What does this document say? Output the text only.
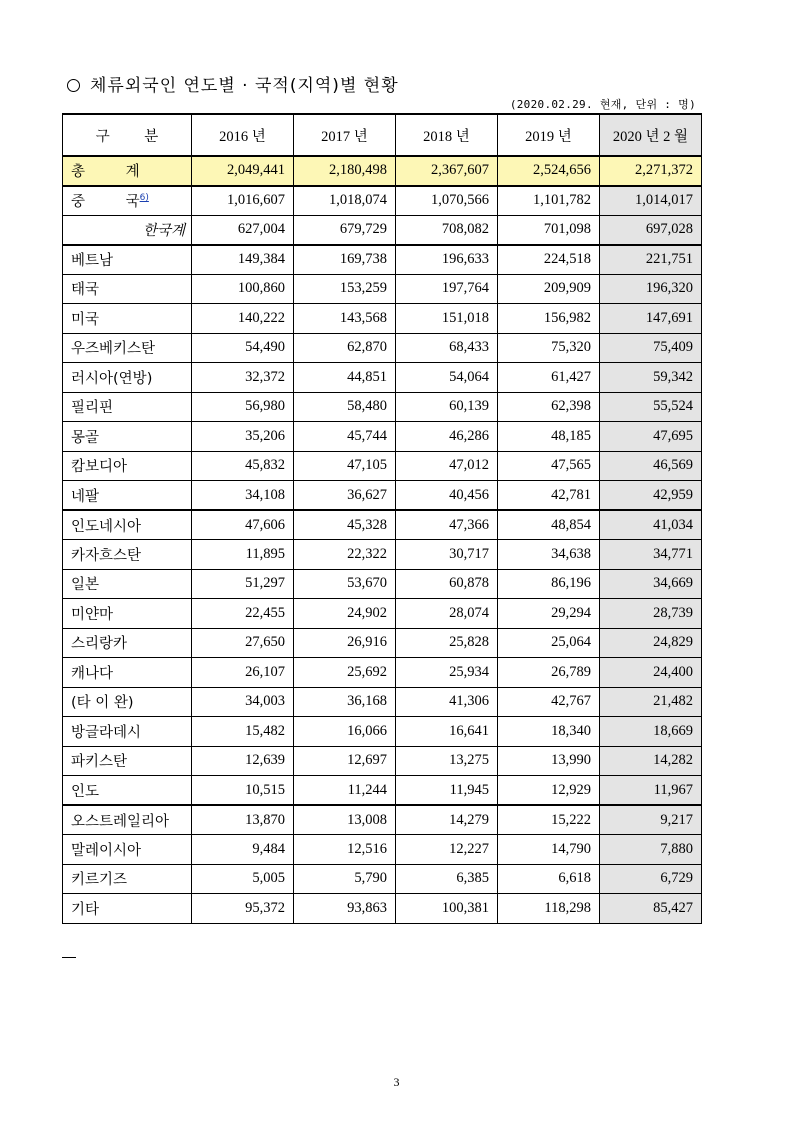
체류외국인 연도별 · 국적(지역)별 현황
(2020.02.29. 현재, 단위 : 명)
구 분	2016 년	2017 년	2018 년	2019 년	2020 년 2 월
총 계	2,049,441	2,180,498	2,367,607	2,524,656	2,271,372
중 국$^{6)}$	1,016,607	1,018,074	1,070,566	1,101,782	1,014,017
한국계	627,004	679,729	708,082	701,098	697,028
베트남	149,384	169,738	196,633	224,518	221,751
태국	100,860	153,259	197,764	209,909	196,320
미국	140,222	143,568	151,018	156,982	147,691
우즈베키스탄	54,490	62,870	68,433	75,320	75,409
러시아(연방)	32,372	44,851	54,064	61,427	59,342
필리핀	56,980	58,480	60,139	62,398	55,524
몽골	35,206	45,744	46,286	48,185	47,695
캄보디아	45,832	47,105	47,012	47,565	46,569
네팔	34,108	36,627	40,456	42,781	42,959
인도네시아	47,606	45,328	47,366	48,854	41,034
카자흐스탄	11,895	22,322	30,717	34,638	34,771
일본	51,297	53,670	60,878	86,196	34,669
미얀마	22,455	24,902	28,074	29,294	28,739
스리랑카	27,650	26,916	25,828	25,064	24,829
캐나다	26,107	25,692	25,934	26,789	24,400
(타 이 완)	34,003	36,168	41,306	42,767	21,482
방글라데시	15,482	16,066	16,641	18,340	18,669
파키스탄	12,639	12,697	13,275	13,990	14,282
인도	10,515	11,244	11,945	12,929	11,967
오스트레일리아	13,870	13,008	14,279	15,222	9,217
말레이시아	9,484	12,516	12,227	14,790	7,880
키르기즈	5,005	5,790	6,385	6,618	6,729
기타	95,372	93,863	100,381	118,298	85,427
3
